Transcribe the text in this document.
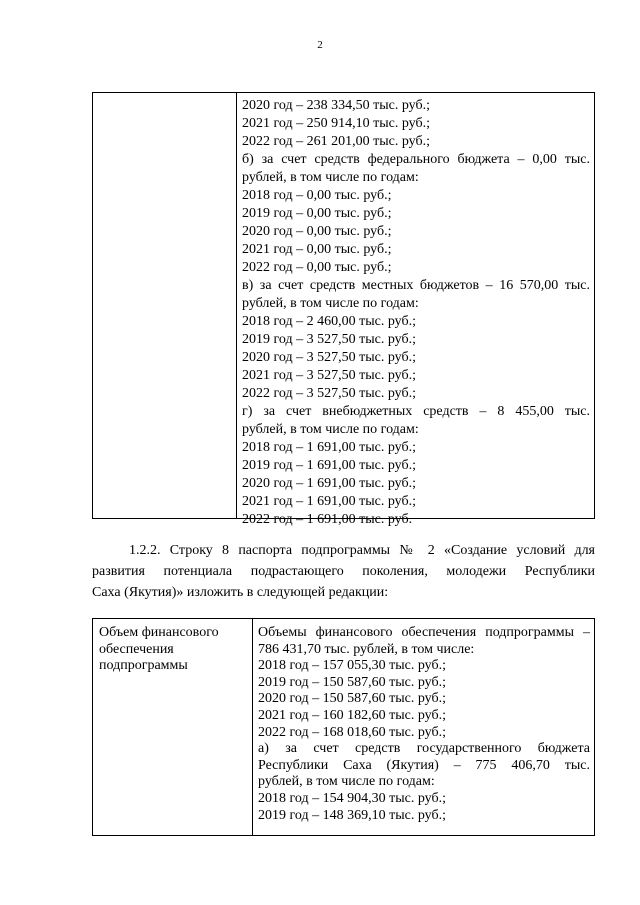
2
2020 год – 238 334,50 тыс. руб.;
2021 год – 250 914,10 тыс. руб.;
2022 год – 261 201,00 тыс. руб.;
б) за счет средств федерального бюджета – 0,00 тыс.
рублей, в том числе по годам:
2018 год – 0,00 тыс. руб.;
2019 год – 0,00 тыс. руб.;
2020 год – 0,00 тыс. руб.;
2021 год – 0,00 тыс. руб.;
2022 год – 0,00 тыс. руб.;
в) за счет средств местных бюджетов – 16 570,00 тыс.
рублей, в том числе по годам:
2018 год – 2 460,00 тыс. руб.;
2019 год – 3 527,50 тыс. руб.;
2020 год – 3 527,50 тыс. руб.;
2021 год – 3 527,50 тыс. руб.;
2022 год – 3 527,50 тыс. руб.;
г) за счет внебюджетных средств – 8 455,00 тыс.
рублей, в том числе по годам:
2018 год – 1 691,00 тыс. руб.;
2019 год – 1 691,00 тыс. руб.;
2020 год – 1 691,00 тыс. руб.;
2021 год – 1 691,00 тыс. руб.;
2022 год – 1 691,00 тыс. руб.
1.2.2. Строку 8 паспорта подпрограммы № 2 «Создание условий для
развития потенциала подрастающего поколения, молодежи Республики
Саха (Якутия)» изложить в следующей редакции:
Объем финансового
обеспечения
подпрограммы
Объемы финансового обеспечения подпрограммы –
786 431,70 тыс. рублей, в том числе:
2018 год – 157 055,30 тыс. руб.;
2019 год – 150 587,60 тыс. руб.;
2020 год – 150 587,60 тыс. руб.;
2021 год – 160 182,60 тыс. руб.;
2022 год – 168 018,60 тыс. руб.;
а) за счет средств государственного бюджета
Республики Саха (Якутия) – 775 406,70 тыс.
рублей, в том числе по годам:
2018 год – 154 904,30 тыс. руб.;
2019 год – 148 369,10 тыс. руб.;
